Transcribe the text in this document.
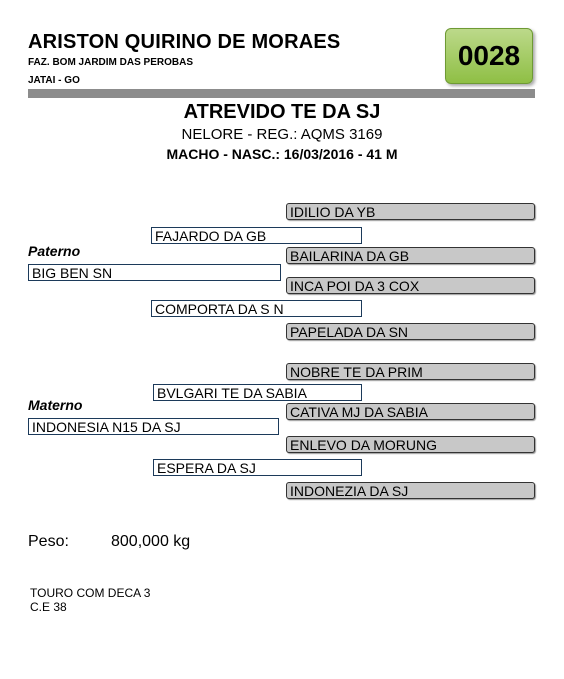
ARISTON QUIRINO DE MORAES
FAZ. BOM JARDIM DAS PEROBAS
JATAI - GO
0028
ATREVIDO TE DA SJ
NELORE - REG.: AQMS 3169
MACHO - NASC.: 16/03/2016 - 41 M
IDILIO DA YB
FAJARDO DA GB
Paterno	BAILARINA DA GB
BIG BEN SN
INCA POI DA 3 COX
COMPORTA DA S N
PAPELADA DA SN
NOBRE TE DA PRIM
BVLGARI TE DA SABIA
Materno	CATIVA MJ DA SABIA
INDONESIA N15 DA SJ
ENLEVO DA MORUNG
ESPERA DA SJ
INDONEZIA DA SJ
Peso:	800,000 kg
TOURO COM DECA 3
C.E 38
